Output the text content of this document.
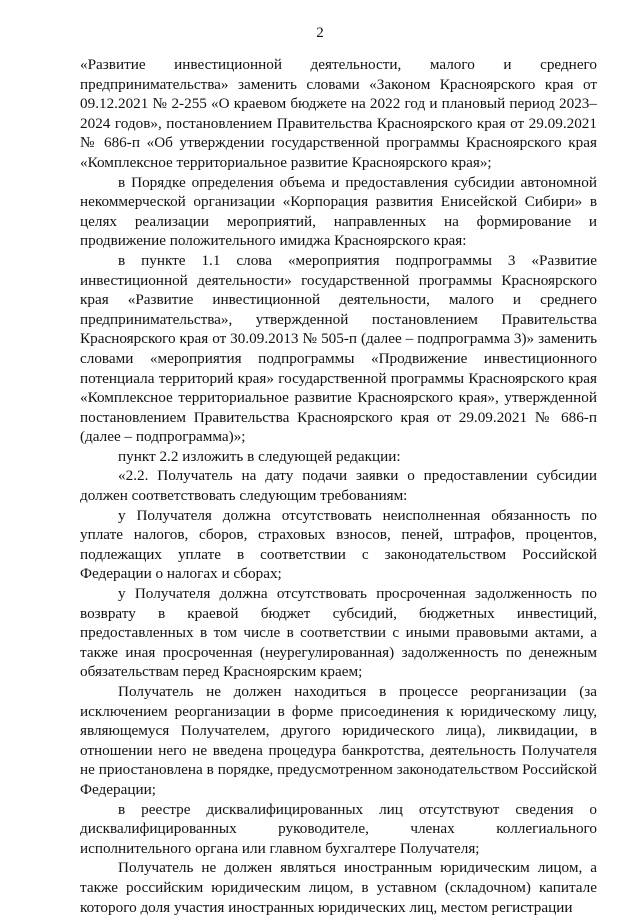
2

«Развитие инвестиционной деятельности, малого и среднего предпринимательства» заменить словами «Законом Красноярского края от 09.12.2021 № 2-255 «О краевом бюджете на 2022 год и плановый период 2023–2024 годов», постановлением Правительства Красноярского края от 29.09.2021 № 686-п «Об утверждении государственной программы Красноярского края «Комплексное территориальное развитие Красноярского края»;

в Порядке определения объема и предоставления субсидии автономной некоммерческой организации «Корпорация развития Енисейской Сибири» в целях реализации мероприятий, направленных на формирование и продвижение положительного имиджа Красноярского края:

в пункте 1.1 слова «мероприятия подпрограммы 3 «Развитие инвестиционной деятельности» государственной программы Красноярского края «Развитие инвестиционной деятельности, малого и среднего предпринимательства», утвержденной постановлением Правительства Красноярского края от 30.09.2013 № 505-п (далее – подпрограмма 3)» заменить словами «мероприятия подпрограммы «Продвижение инвестиционного потенциала территорий края» государственной программы Красноярского края «Комплексное территориальное развитие Красноярского края», утвержденной постановлением Правительства Красноярского края от 29.09.2021 № 686-п (далее – подпрограмма)»;

пункт 2.2 изложить в следующей редакции:

«2.2. Получатель на дату подачи заявки о предоставлении субсидии должен соответствовать следующим требованиям:

у Получателя должна отсутствовать неисполненная обязанность по уплате налогов, сборов, страховых взносов, пеней, штрафов, процентов, подлежащих уплате в соответствии с законодательством Российской Федерации о налогах и сборах;

у Получателя должна отсутствовать просроченная задолженность по возврату в краевой бюджет субсидий, бюджетных инвестиций, предоставленных в том числе в соответствии с иными правовыми актами, а также иная просроченная (неурегулированная) задолженность по денежным обязательствам перед Красноярским краем;

Получатель не должен находиться в процессе реорганизации (за исключением реорганизации в форме присоединения к юридическому лицу, являющемуся Получателем, другого юридического лица), ликвидации, в отношении него не введена процедура банкротства, деятельность Получателя не приостановлена в порядке, предусмотренном законодательством Российской Федерации;

в реестре дисквалифицированных лиц отсутствуют сведения о дисквалифицированных руководителе, членах коллегиального исполнительного органа или главном бухгалтере Получателя;

Получатель не должен являться иностранным юридическим лицом, а также российским юридическим лицом, в уставном (складочном) капитале которого доля участия иностранных юридических лиц, местом регистрации
